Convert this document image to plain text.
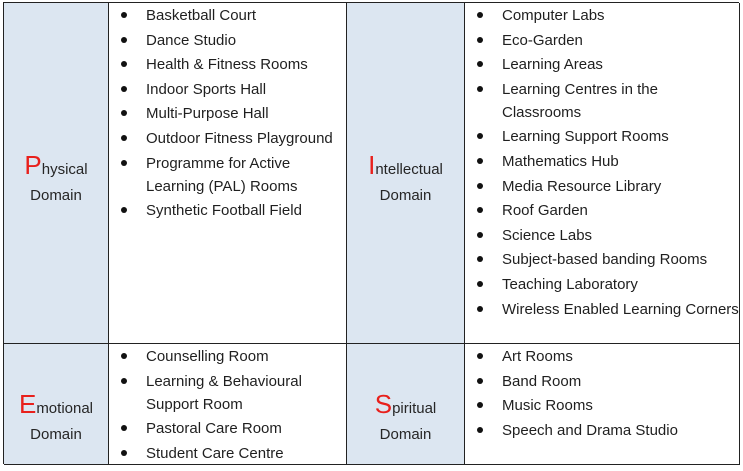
Physical
Domain
Basketball Court
Dance Studio
Health & Fitness Rooms
Indoor Sports Hall
Multi-Purpose Hall
Outdoor Fitness Playground
Programme for Active Learning (PAL) Rooms
Synthetic Football Field
Intellectual
Domain
Computer Labs
Eco-Garden
Learning Areas
Learning Centres in the Classrooms
Learning Support Rooms
Mathematics Hub
Media Resource Library
Roof Garden
Science Labs
Subject-based banding Rooms
Teaching Laboratory
Wireless Enabled Learning Corners
Emotional
Domain
Counselling Room
Learning & Behavioural Support Room
Pastoral Care Room
Student Care Centre
Spiritual
Domain
Art Rooms
Band Room
Music Rooms
Speech and Drama Studio
